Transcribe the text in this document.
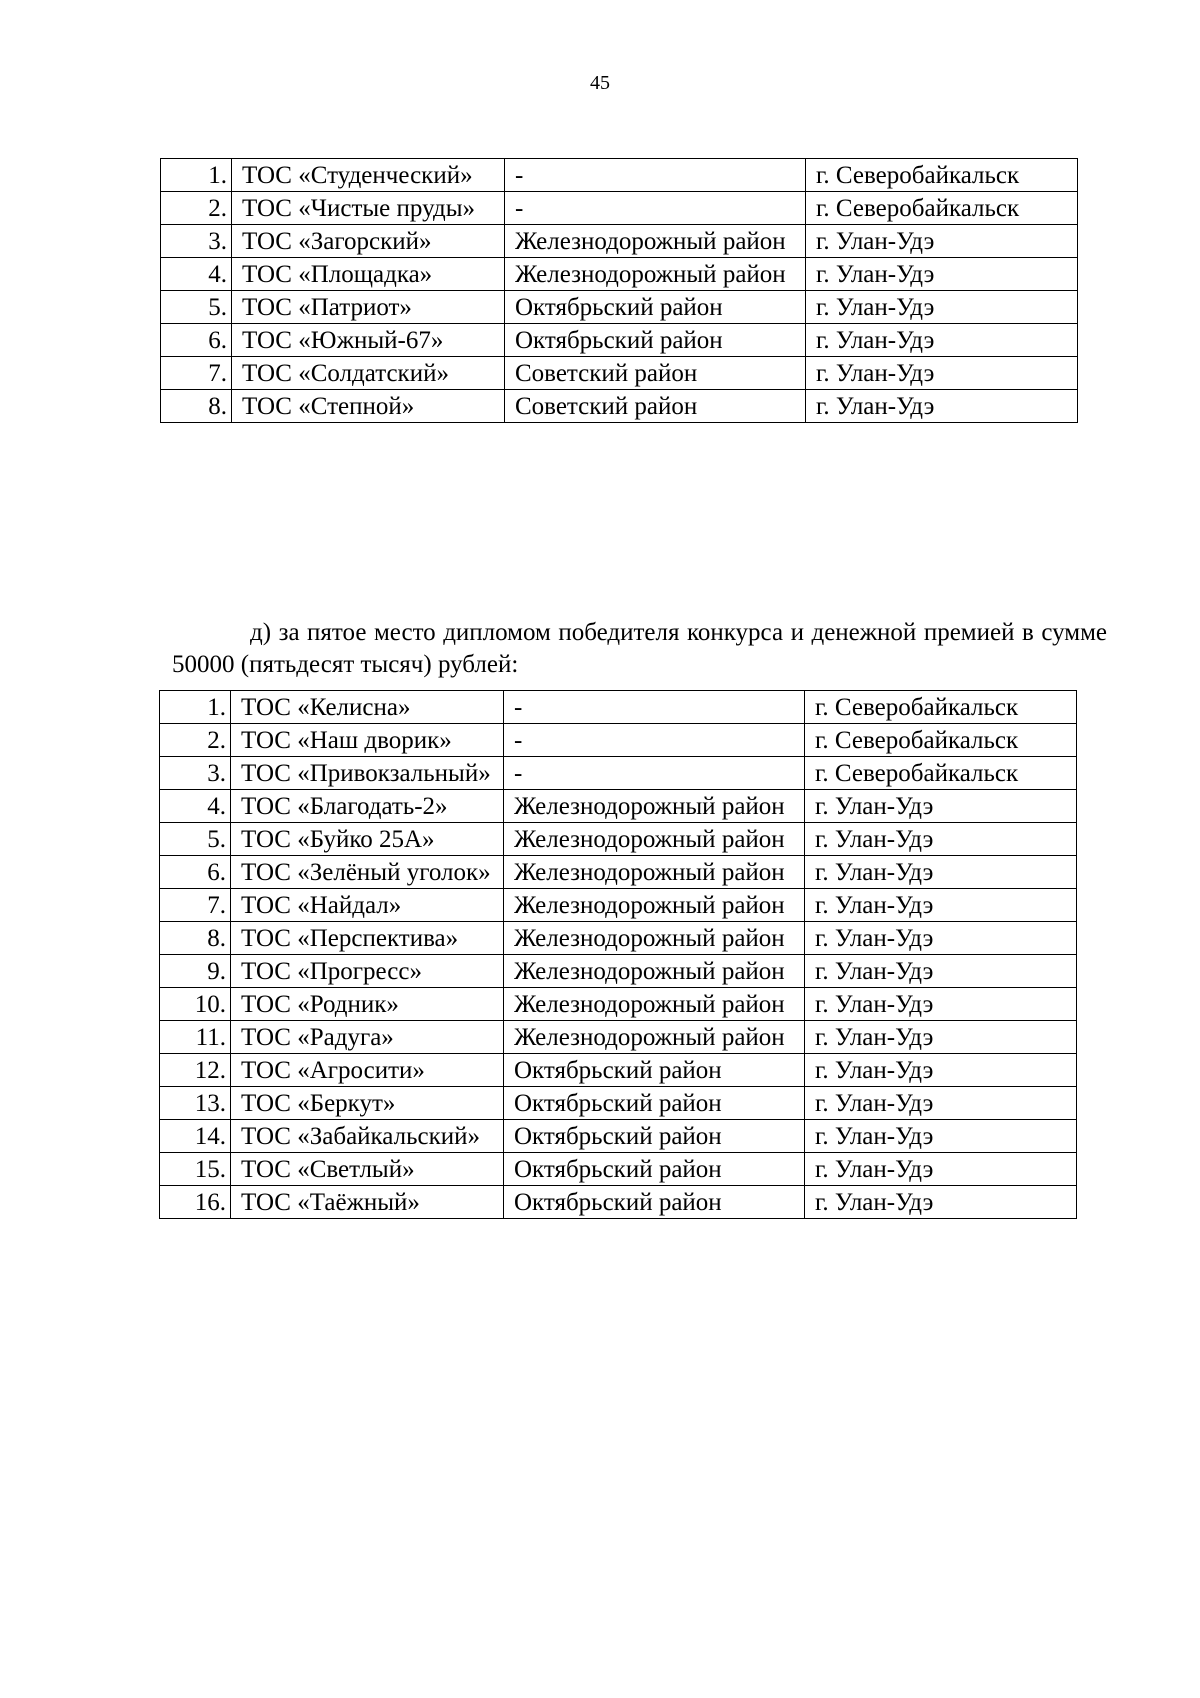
45
1.	ТОС «Студенческий»	-	г. Северобайкальск
2.	ТОС «Чистые пруды»	-	г. Северобайкальск
3.	ТОС «Загорский»	Железнодорожный район	г. Улан-Удэ
4.	ТОС «Площадка»	Железнодорожный район	г. Улан-Удэ
5.	ТОС «Патриот»	Октябрьский район	г. Улан-Удэ
6.	ТОС «Южный-67»	Октябрьский район	г. Улан-Удэ
7.	ТОС «Солдатский»	Советский район	г. Улан-Удэ
8.	ТОС «Степной»	Советский район	г. Улан-Удэ

д) за пятое место дипломом победителя конкурса и денежной премией в сумме 50000 (пятьдесят тысяч) рублей:

1.	ТОС «Келисна»	-	г. Северобайкальск
2.	ТОС «Наш дворик»	-	г. Северобайкальск
3.	ТОС «Привокзальный»	-	г. Северобайкальск
4.	ТОС «Благодать-2»	Железнодорожный район	г. Улан-Удэ
5.	ТОС «Буйко 25А»	Железнодорожный район	г. Улан-Удэ
6.	ТОС «Зелёный уголок»	Железнодорожный район	г. Улан-Удэ
7.	ТОС «Найдал»	Железнодорожный район	г. Улан-Удэ
8.	ТОС «Перспектива»	Железнодорожный район	г. Улан-Удэ
9.	ТОС «Прогресс»	Железнодорожный район	г. Улан-Удэ
10.	ТОС «Родник»	Железнодорожный район	г. Улан-Удэ
11.	ТОС «Радуга»	Железнодорожный район	г. Улан-Удэ
12.	ТОС «Агросити»	Октябрьский район	г. Улан-Удэ
13.	ТОС «Беркут»	Октябрьский район	г. Улан-Удэ
14.	ТОС «Забайкальский»	Октябрьский район	г. Улан-Удэ
15.	ТОС «Светлый»	Октябрьский район	г. Улан-Удэ
16.	ТОС «Таёжный»	Октябрьский район	г. Улан-Удэ
